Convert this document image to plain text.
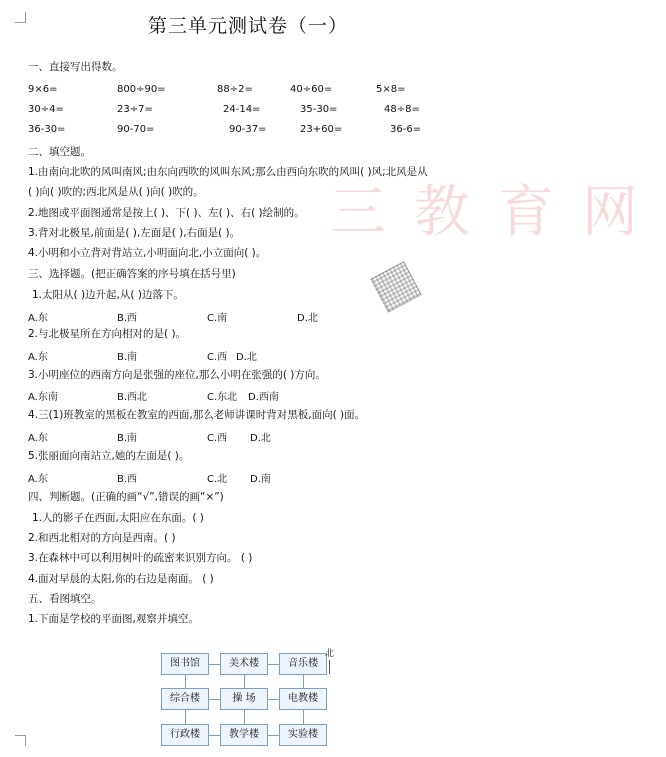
第三单元测试卷（一）
三教育网
一、直接写出得数。
9×6=	800÷90=	88÷2=	40÷60=	5×8=
30÷4=	23÷7=	24-14=	35-30=	48÷8=
36-30=	90-70=	90-37=	23+60=	36-6=
二、填空题。
1.由南向北吹的风叫南风;由东向西吹的风叫东风;那么由西向东吹的风叫( )风;北风是从
( )向( )吹的;西北风是从( )向( )吹的。
2.地图或平面图通常是按上( )、下( )、左( )、右( )绘制的。
3.背对北极星,前面是( ),左面是( ),右面是( )。
4.小明和小立背对背站立,小明面向北,小立面向( )。
三、选择题。(把正确答案的序号填在括号里)
1.太阳从( )边升起,从( )边落下。
A.东	B.西	C.南	D.北
2.与北极星所在方向相对的是( )。
A.东	B.南	C.西 D.北
3.小明座位的西南方向是张强的座位,那么小明在张强的( )方向。
A.东南	B.西北	C.东北 D.西南
4.三(1)班教室的黑板在教室的西面,那么老师讲课时背对黑板,面向( )面。
A.东	B.南	C.西 D.北
5.张丽面向南站立,她的左面是( )。
A.东	B.西	C.北 D.南
四、判断题。(正确的画“√”,错误的画“×”)
1.人的影子在西面,太阳应在东面。( )
2.和西北相对的方向是西南。( )
3.在森林中可以利用树叶的疏密来识别方向。 ( )
4.面对早晨的太阳,你的右边是南面。 ( )
五、看图填空。
1.下面是学校的平面图,观察并填空。
图书馆	美术楼	音乐楼
综合楼	操 场	电教楼
行政楼	教学楼	实验楼
北
